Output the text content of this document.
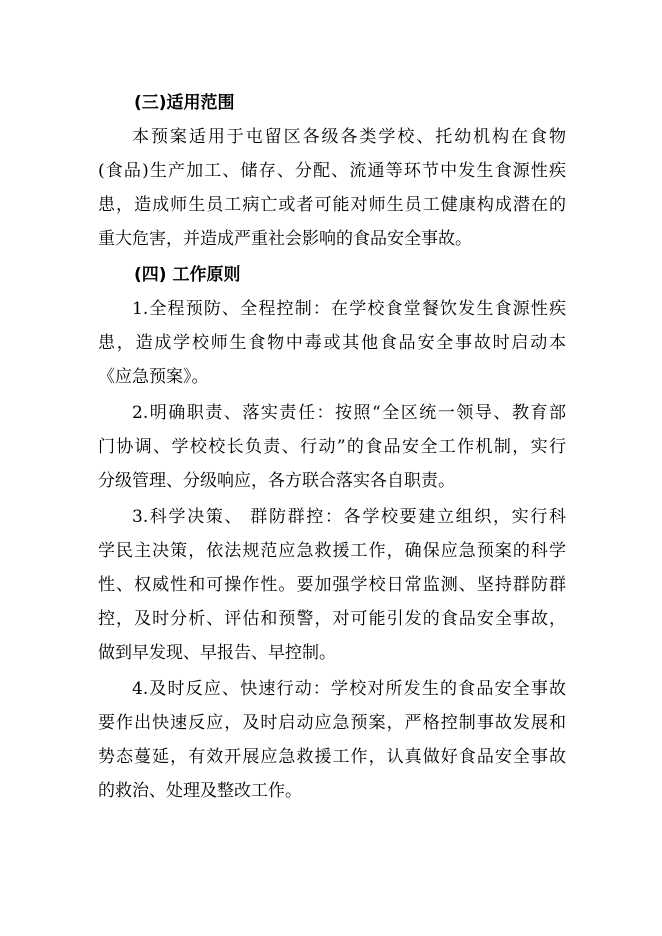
(三)适用范围
本预案适用于屯留区各级各类学校、托幼机构在食物
(食品)生产加工、储存、分配、流通等环节中发生食源性疾
患，造成师生员工病亡或者可能对师生员工健康构成潜在的
重大危害，并造成严重社会影响的食品安全事故。
(四) 工作原则
1.全程预防、全程控制：在学校食堂餐饮发生食源性疾
患，造成学校师生食物中毒或其他食品安全事故时启动本
《应急预案》。
2.明确职责、落实责任：按照“全区统一领导、教育部
门协调、学校校长负责、行动”的食品安全工作机制，实行
分级管理、分级响应，各方联合落实各自职责。
3.科学决策、 群防群控：各学校要建立组织，实行科
学民主决策，依法规范应急救援工作，确保应急预案的科学
性、权威性和可操作性。要加强学校日常监测、坚持群防群
控，及时分析、评估和预警，对可能引发的食品安全事故，
做到早发现、早报告、早控制。
4.及时反应、快速行动：学校对所发生的食品安全事故
要作出快速反应，及时启动应急预案，严格控制事故发展和
势态蔓延，有效开展应急救援工作，认真做好食品安全事故
的救治、处理及整改工作。
